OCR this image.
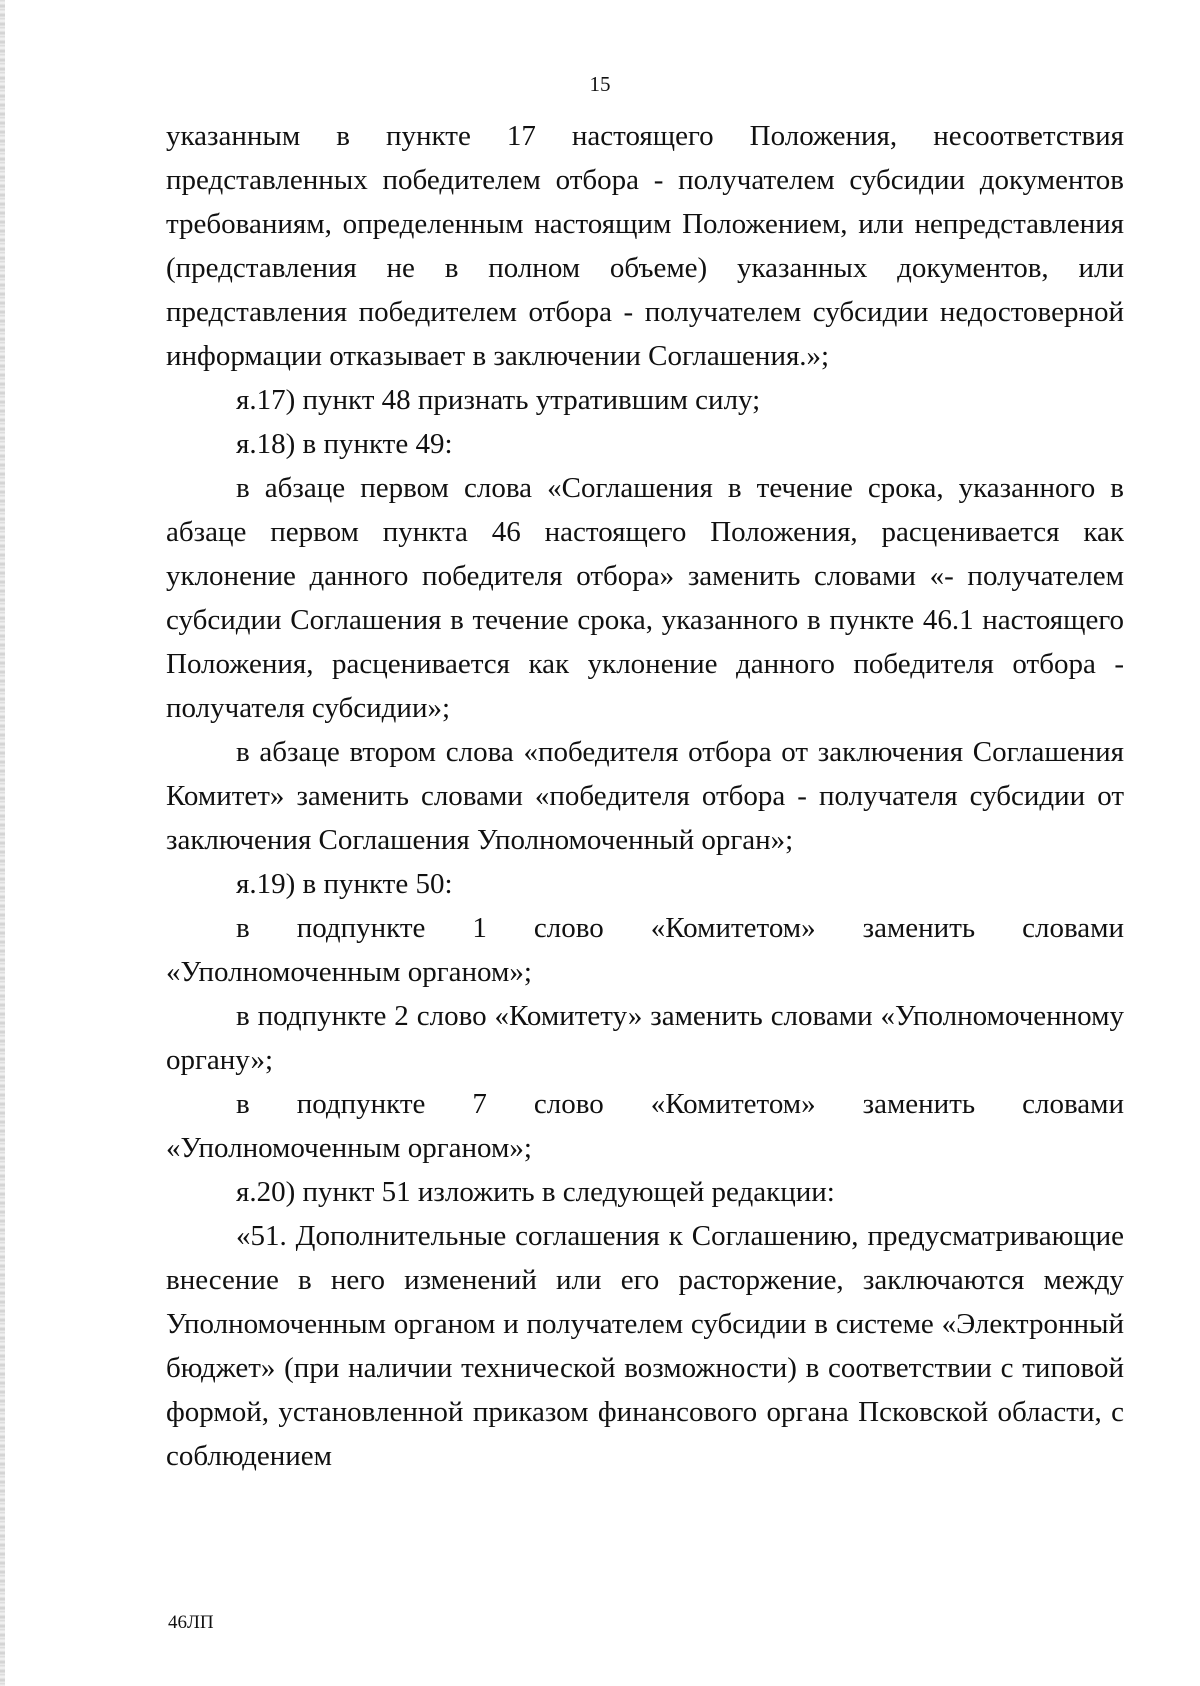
15

указанным в пункте 17 настоящего Положения, несоответствия представленных победителем отбора - получателем субсидии документов требованиям, определенным настоящим Положением, или непредставления (представления не в полном объеме) указанных документов, или представления победителем отбора - получателем субсидии недостоверной информации отказывает в заключении Соглашения.»;

я.17) пункт 48 признать утратившим силу;

я.18) в пункте 49:

в абзаце первом слова «Соглашения в течение срока, указанного в абзаце первом пункта 46 настоящего Положения, расценивается как уклонение данного победителя отбора» заменить словами «- получателем субсидии Соглашения в течение срока, указанного в пункте 46.1 настоящего Положения, расценивается как уклонение данного победителя отбора - получателя субсидии»;

в абзаце втором слова «победителя отбора от заключения Соглашения Комитет» заменить словами «победителя отбора - получателя субсидии от заключения Соглашения Уполномоченный орган»;

я.19) в пункте 50:

в подпункте 1 слово «Комитетом» заменить словами «Уполномоченным органом»;

в подпункте 2 слово «Комитету» заменить словами «Уполномоченному органу»;

в подпункте 7 слово «Комитетом» заменить словами «Уполномоченным органом»;

я.20) пункт 51 изложить в следующей редакции:

«51. Дополнительные соглашения к Соглашению, предусматривающие внесение в него изменений или его расторжение, заключаются между Уполномоченным органом и получателем субсидии в системе «Электронный бюджет» (при наличии технической возможности) в соответствии с типовой формой, установленной приказом финансового органа Псковской области, с соблюдением

46ЛП
